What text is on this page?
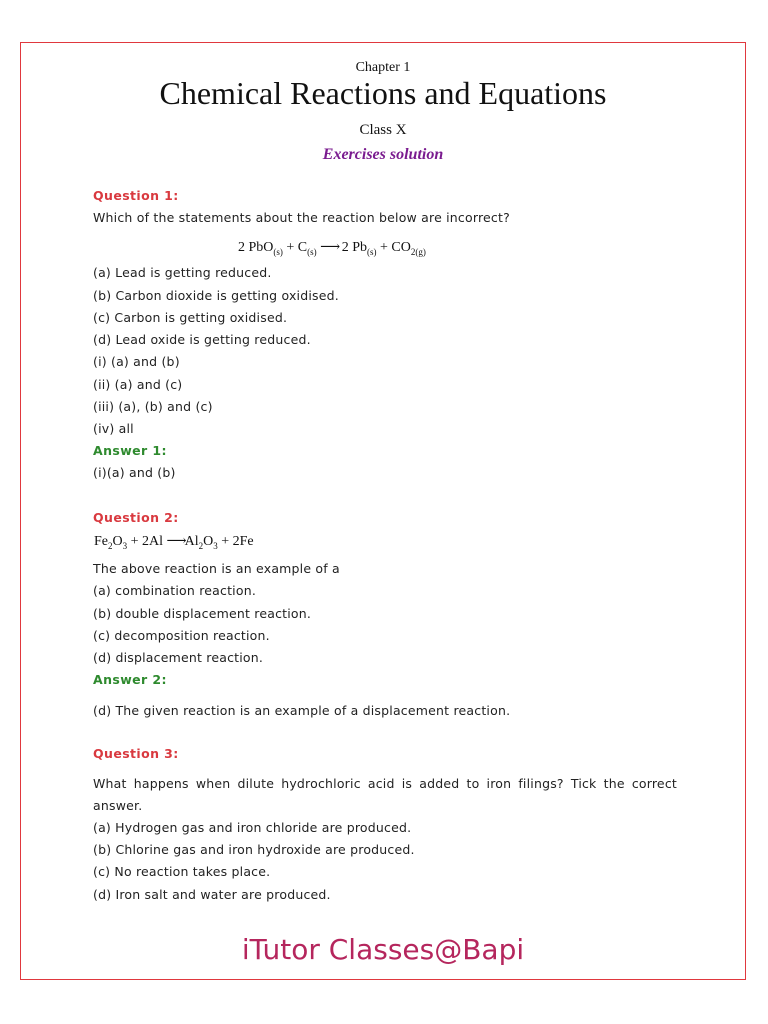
Chapter 1
Chemical Reactions and Equations
Class X
Exercises solution
Question 1:
Which of the statements about the reaction below are incorrect?
2 $PbO_{(s)} + C_{(s)}$ ⟶ 2 $Pb_{(s)} + CO_{2(g)}$
(a) Lead is getting reduced.
(b) Carbon dioxide is getting oxidised.
(c) Carbon is getting oxidised.
(d) Lead oxide is getting reduced.
(i) (a) and (b)
(ii) (a) and (c)
(iii) (a), (b) and (c)
(iv) all
Answer 1:
(i)(a) and (b)
Question 2:
$Fe_2O_3 + 2Al$ $⟶Al_2O_3 + 2Fe$
The above reaction is an example of a
(a) combination reaction.
(b) double displacement reaction.
(c) decomposition reaction.
(d) displacement reaction.
Answer 2:
(d) The given reaction is an example of a displacement reaction.
Question 3:
What happens when dilute hydrochloric acid is added to iron filings? Tick the correct
answer.
(a) Hydrogen gas and iron chloride are produced.
(b) Chlorine gas and iron hydroxide are produced.
(c) No reaction takes place.
(d) Iron salt and water are produced.
iTutor Classes@Bapi
